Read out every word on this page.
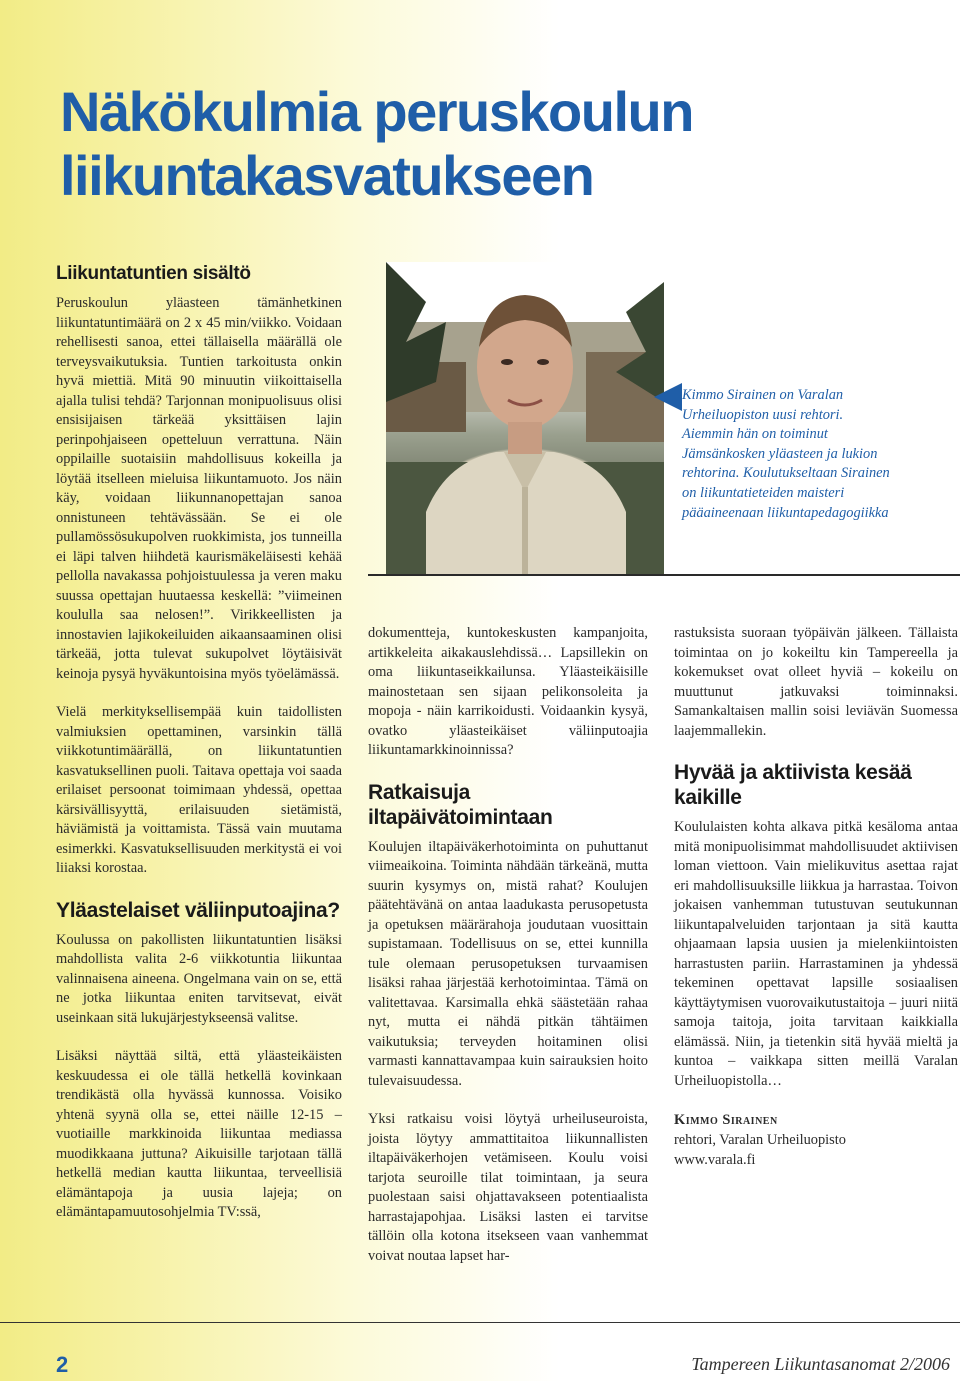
Näkökulmia peruskoulun liikuntakasvatukseen
Liikuntatuntien sisältö

Peruskoulun yläasteen tämänhetkinen liikuntatuntimäärä on 2 x 45 min/viikko. Voidaan rehellisesti sanoa, ettei tällaisella määrällä ole terveysvaikutuksia. Tuntien tarkoitusta onkin hyvä miettiä. Mitä 90 minuutin viikoittaisella ajalla tulisi tehdä? Tarjonnan monipuolisuus olisi ensisijaisen tärkeää yksittäisen lajin perinpohjaiseen opetteluun verrattuna. Näin oppilaille suotaisiin mahdollisuus kokeilla ja löytää itselleen mieluisa liikuntamuoto. Jos näin käy, voidaan liikunnanopettajan sanoa onnistuneen tehtävässään. Se ei ole pullamössösukupolven ruokkimista, jos tunneilla ei läpi talven hiihdetä kaurismäkeläisesti kehää pellolla navakassa pohjoistuulessa ja veren maku suussa opettajan huutaessa keskellä: ”viimeinen koululla saa nelosen!”. Virikkeellisten ja innostavien lajikokeiluiden aikaansaaminen olisi tärkeää, jotta tulevat sukupolvet löytäisivät keinoja pysyä hyväkuntoisina myös työelämässä.

Vielä merkityksellisempää kuin taidollisten valmiuksien opettaminen, varsinkin tällä viikkotuntimäärällä, on liikuntatuntien kasvatuksellinen puoli. Taitava opettaja voi saada erilaiset persoonat toimimaan yhdessä, opettaa kärsivällisyyttä, erilaisuuden sietämistä, häviämistä ja voittamista. Tässä vain muutama esimerkki. Kasvatuksellisuuden merkitystä ei voi liiaksi korostaa.

Yläastelaiset väliinputoajina?

Koulussa on pakollisten liikuntatuntien lisäksi mahdollista valita 2-6 viikkotuntia liikuntaa valinnaisena aineena. Ongelmana vain on se, että ne jotka liikuntaa eniten tarvitsevat, eivät useinkaan sitä lukujärjestykseensä valitse.

Lisäksi näyttää siltä, että yläasteikäisten keskuudessa ei ole tällä hetkellä kovinkaan trendikästä olla hyvässä kunnossa. Voisiko yhtenä syynä olla se, ettei näille 12-15 –vuotiaille markkinoida liikuntaa mediassa muodikkaana juttuna? Aikuisille tarjotaan tällä hetkellä median kautta liikuntaa, terveellisiä elämäntapoja ja uusia lajeja; on elämäntapamuutosohjelmia TV:ssä,

Kimmo Sirainen on Varalan Urheiluopiston uusi rehtori. Aiemmin hän on toiminut Jämsänkosken yläasteen ja lukion rehtorina. Koulutukseltaan Sirainen on liikuntatieteiden maisteri pääaineenaan liikuntapedagogiikka

dokumentteja, kuntokeskusten kampanjoita, artikkeleita aikakauslehdissä… Lapsillekin on oma liikuntaseikkailunsa. Yläasteikäisille mainostetaan sen sijaan pelikonsoleita ja mopoja - näin karrikoidusti. Voidaankin kysyä, ovatko yläasteikäiset väliinputoajia liikuntamarkkinoinnissa?

Ratkaisuja iltapäivätoimintaan

Koulujen iltapäiväkerhotoiminta on puhuttanut viimeaikoina. Toiminta nähdään tärkeänä, mutta suurin kysymys on, mistä rahat? Koulujen päätehtävänä on antaa laadukasta perusopetusta ja opetuksen määrärahoja joudutaan vuosittain supistamaan. Todellisuus on se, ettei kunnilla tule olemaan perusopetuksen turvaamisen lisäksi rahaa järjestää kerhotoimintaa. Tämä on valitettavaa. Karsimalla ehkä säästetään rahaa nyt, mutta ei nähdä pitkän tähtäimen vaikutuksia; terveyden hoitaminen olisi varmasti kannattavampaa kuin sairauksien hoito tulevaisuudessa.

Yksi ratkaisu voisi löytyä urheiluseuroista, joista löytyy ammattitaitoa liikunnallisten iltapäiväkerhojen vetämiseen. Koulu voisi tarjota seuroille tilat toimintaan, ja seura puolestaan saisi ohjattavakseen potentiaalista harrastajapohjaa. Lisäksi lasten ei tarvitse tällöin olla kotona itsekseen vaan vanhemmat voivat noutaa lapset har-

rastuksista suoraan työpäivän jälkeen. Tällaista toimintaa on jo kokeiltu kin Tampereella ja kokemukset ovat olleet hyviä – kokeilu on muuttunut jatkuvaksi toiminnaksi. Samankaltaisen mallin soisi leviävän Suomessa laajemmallekin.

Hyvää ja aktiivista kesää kaikille

Koululaisten kohta alkava pitkä kesäloma antaa mitä monipuolisimmat mahdollisuudet aktiivisen loman viettoon. Vain mielikuvitus asettaa rajat eri mahdollisuuksille liikkua ja harrastaa. Toivon jokaisen vanhemman tutustuvan seutukunnan liikuntapalveluiden tarjontaan ja sitä kautta ohjaamaan lapsia uusien ja mielenkiintoisten harrastusten pariin. Harrastaminen ja yhdessä tekeminen opettavat lapsille sosiaalisen käyttäytymisen vuorovaikutustaitoja – juuri niitä samoja taitoja, joita tarvitaan kaikkialla elämässä. Niin, ja tietenkin sitä hyvää mieltä ja kuntoa – vaikkapa sitten meillä Varalan Urheiluopistolla…

Kimmo Sirainen
rehtori, Varalan Urheiluopisto
www.varala.fi
2	Tampereen Liikuntasanomat 2/2006
